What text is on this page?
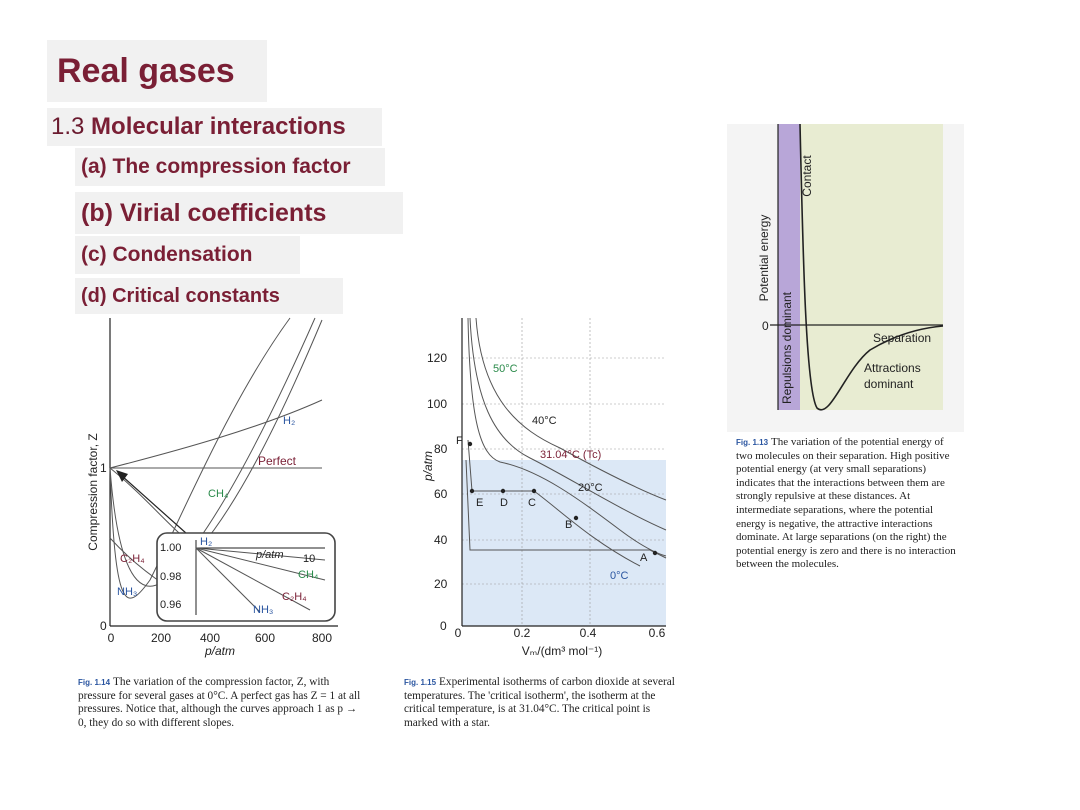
Real gases
1.3 Molecular interactions
(a) The compression factor
(b) Virial coefficients
(c) Condensation
(d) Critical constants
Compression factor, Z
0
1
0	200 400	600	800
p/atm
H₂
Perfect
CH₄
C₂H₄
NH₃
1.00
0.98
0.96
H₂
p/atm 10
CH₄
C₂H₄
NH₃
p/atm
0
20
40
60
80
100
120
0	0.2	0.4	0.6
Vₘ/(dm³ mol⁻¹)
50°C
40°C
31.04°C (Tc)
20°C
0°C
F
E D C
B
A
Potential energy
0
Contact
Repulsions dominant	Separation
Attractions
dominant
Fig. 1.14 The variation of the compression factor, Z, with pressure for several gases at 0°C. A perfect gas has Z = 1 at all pressures. Notice that, although the curves approach 1 as p → 0, they do so with different slopes.
Fig. 1.15 Experimental isotherms of carbon dioxide at several temperatures. The 'critical isotherm', the isotherm at the critical temperature, is at 31.04°C. The critical point is marked with a star.
Fig. 1.13 The variation of the potential energy of two molecules on their separation. High positive potential energy (at very small separations) indicates that the interactions between them are strongly repulsive at these distances. At intermediate separations, where the potential energy is negative, the attractive interactions dominate. At large separations (on the right) the potential energy is zero and there is no interaction between the molecules.
